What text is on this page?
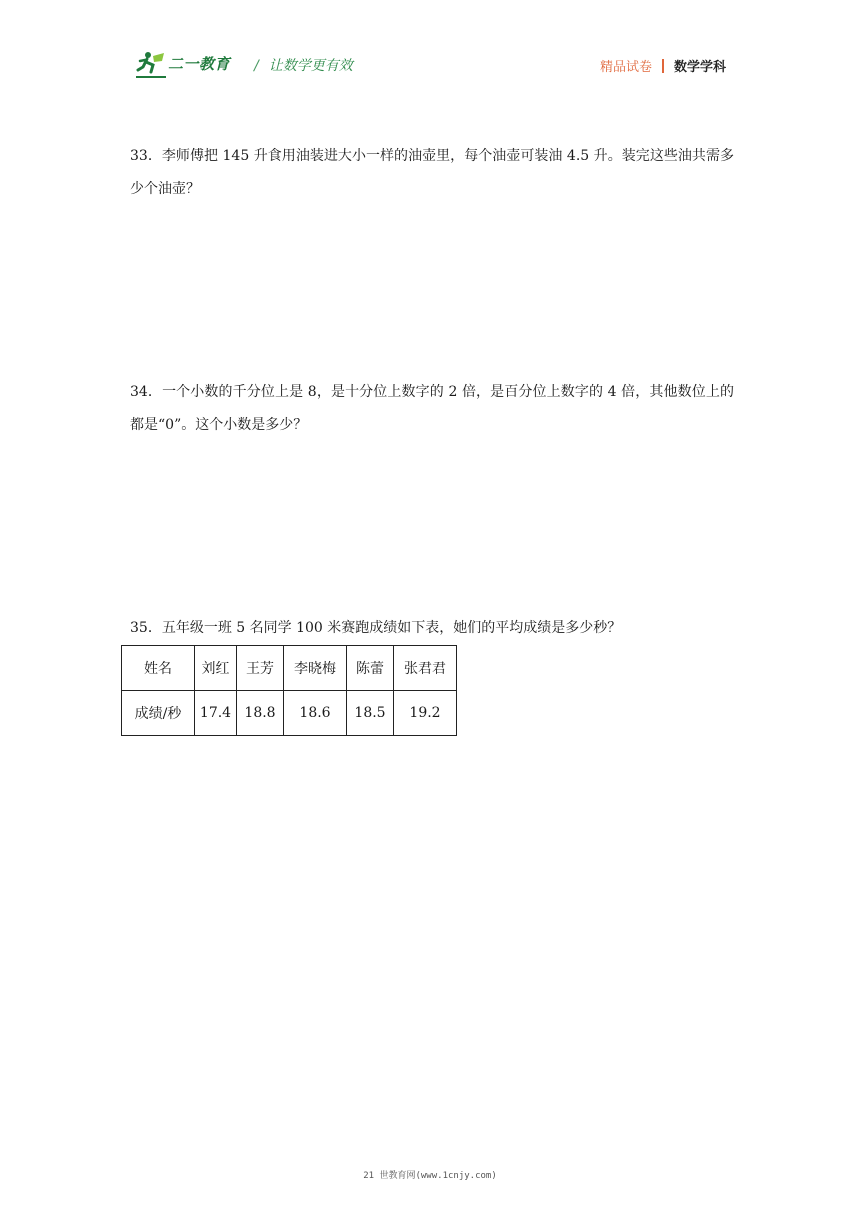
二一教育 / 让数学更有效	精品试卷 数学学科
33．李师傅把 145 升食用油装进大小一样的油壶里，每个油壶可装油 4.5 升。装完这些油共需多少个油壶？
34．一个小数的千分位上是 8，是十分位上数字的 2 倍，是百分位上数字的 4 倍，其他数位上的都是“0”。这个小数是多少？
35．五年级一班 5 名同学 100 米赛跑成绩如下表，她们的平均成绩是多少秒？
姓名	刘红	王芳	李晓梅	陈蕾	张君君
成绩/秒	17.4	18.8	18.6	18.5	19.2
21 世教育网(www.1cnjy.com)
